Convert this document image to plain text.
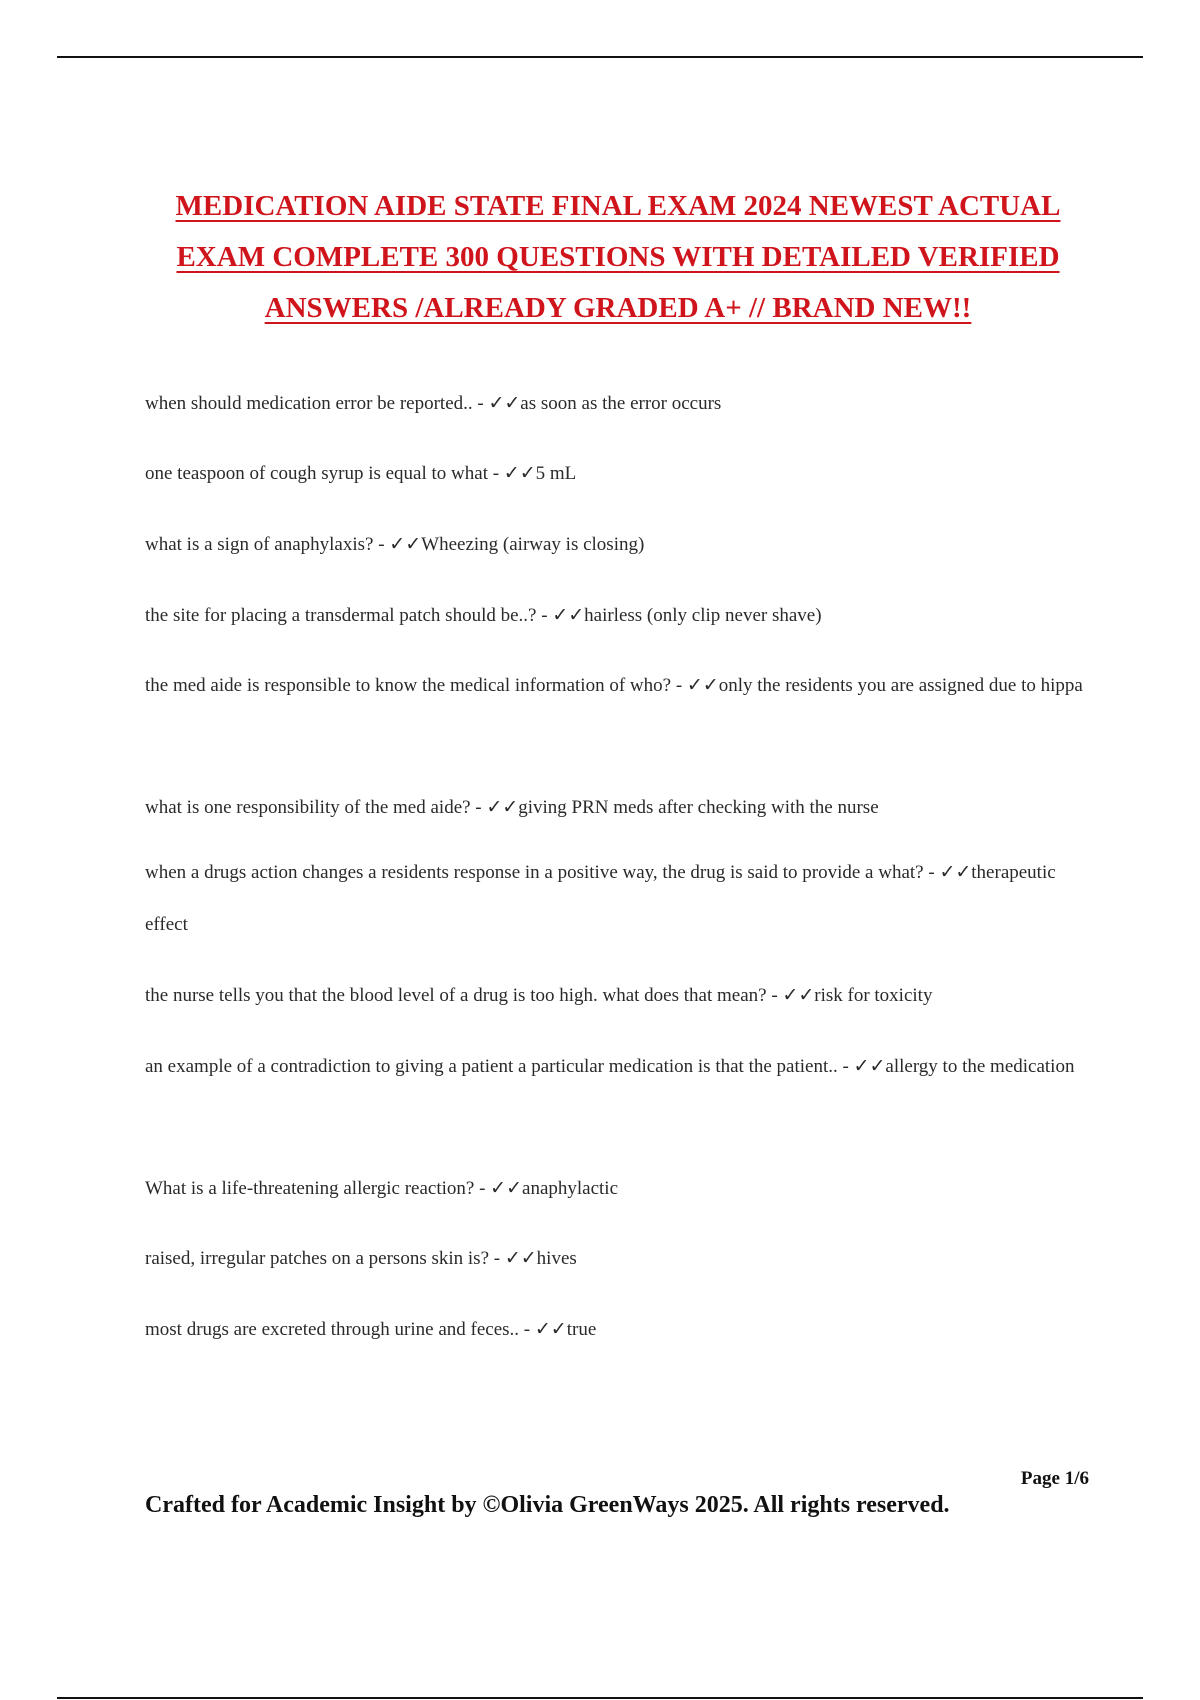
MEDICATION AIDE STATE FINAL EXAM 2024 NEWEST ACTUAL
EXAM COMPLETE 300 QUESTIONS WITH DETAILED VERIFIED
ANSWERS /ALREADY GRADED A+ // BRAND NEW!!

when should medication error be reported.. - ✓✓as soon as the error occurs

one teaspoon of cough syrup is equal to what - ✓✓5 mL

what is a sign of anaphylaxis? - ✓✓Wheezing (airway is closing)

the site for placing a transdermal patch should be..? - ✓✓hairless (only clip never shave)

the med aide is responsible to know the medical information of who? - ✓✓only the residents you are assigned due to hippa

what is one responsibility of the med aide? - ✓✓giving PRN meds after checking with the nurse

when a drugs action changes a residents response in a positive way, the drug is said to provide a what? - ✓✓therapeutic effect

the nurse tells you that the blood level of a drug is too high. what does that mean? - ✓✓risk for toxicity

an example of a contradiction to giving a patient a particular medication is that the patient.. - ✓✓allergy to the medication

What is a life-threatening allergic reaction? - ✓✓anaphylactic

raised, irregular patches on a persons skin is? - ✓✓hives

most drugs are excreted through urine and feces.. - ✓✓true

Page 1/6
Crafted for Academic Insight by ©Olivia GreenWays 2025. All rights reserved.
